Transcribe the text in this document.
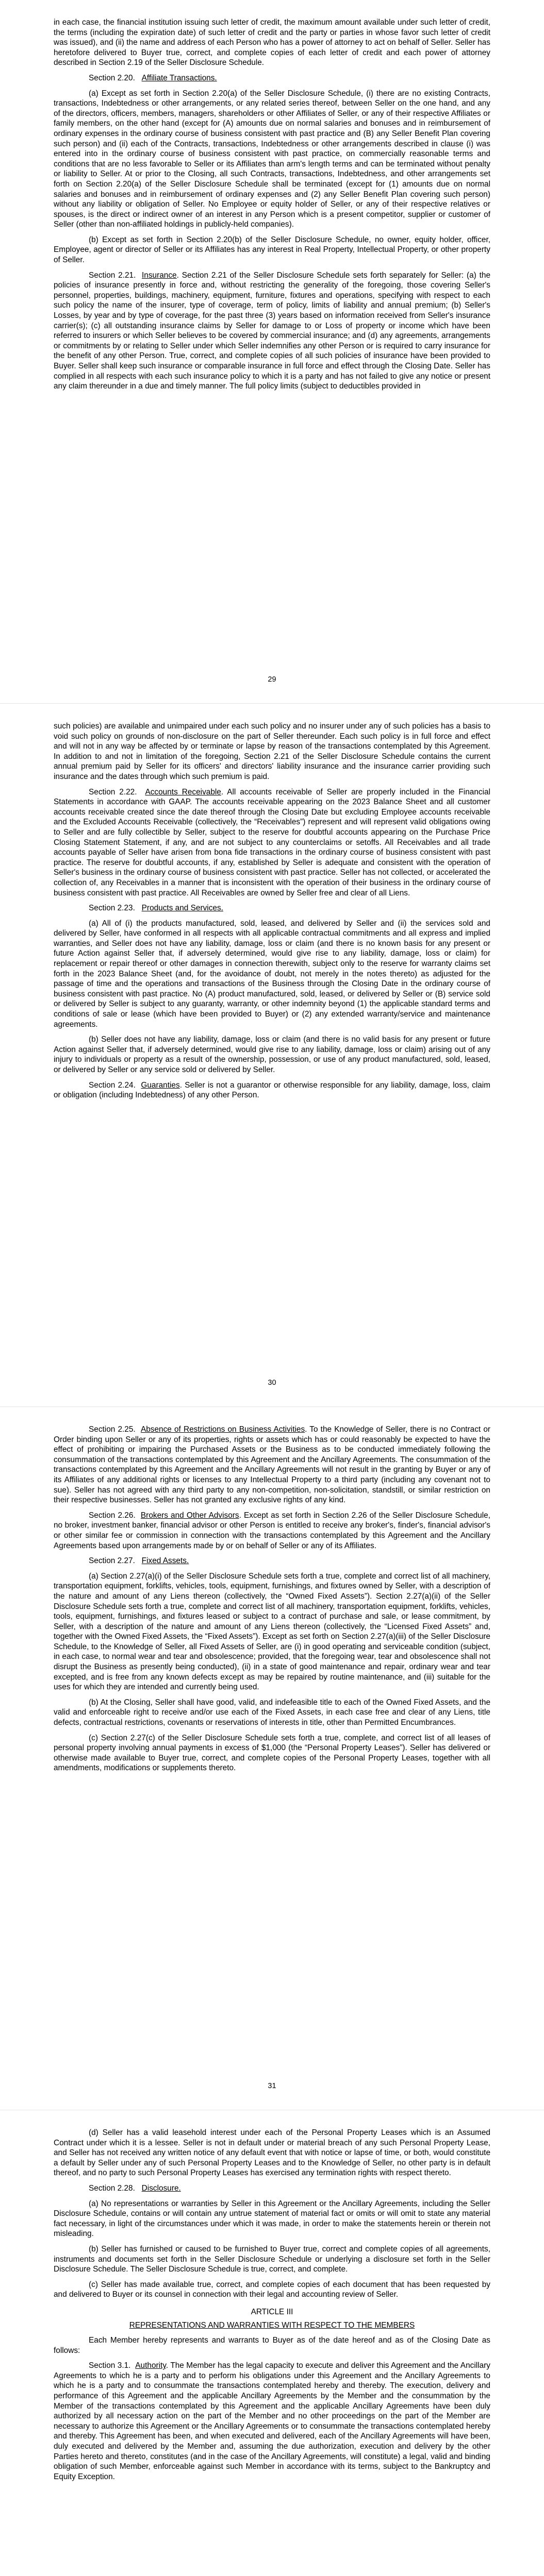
in each case, the financial institution issuing such letter of credit, the maximum amount available under such letter of credit, the terms (including the expiration date) of such letter of credit and the party or parties in whose favor such letter of credit was issued), and (ii) the name and address of each Person who has a power of attorney to act on behalf of Seller. Seller has heretofore delivered to Buyer true, correct, and complete copies of each letter of credit and each power of attorney described in Section 2.19 of the Seller Disclosure Schedule.

Section 2.20. Affiliate Transactions.

(a) Except as set forth in Section 2.20(a) of the Seller Disclosure Schedule, (i) there are no existing Contracts, transactions, Indebtedness or other arrangements, or any related series thereof, between Seller on the one hand, and any of the directors, officers, members, managers, shareholders or other Affiliates of Seller, or any of their respective Affiliates or family members, on the other hand (except for (A) amounts due on normal salaries and bonuses and in reimbursement of ordinary expenses in the ordinary course of business consistent with past practice and (B) any Seller Benefit Plan covering such person) and (ii) each of the Contracts, transactions, Indebtedness or other arrangements described in clause (i) was entered into in the ordinary course of business consistent with past practice, on commercially reasonable terms and conditions that are no less favorable to Seller or its Affiliates than arm's length terms and can be terminated without penalty or liability to Seller. At or prior to the Closing, all such Contracts, transactions, Indebtedness, and other arrangements set forth on Section 2.20(a) of the Seller Disclosure Schedule shall be terminated (except for (1) amounts due on normal salaries and bonuses and in reimbursement of ordinary expenses and (2) any Seller Benefit Plan covering such person) without any liability or obligation of Seller. No Employee or equity holder of Seller, or any of their respective relatives or spouses, is the direct or indirect owner of an interest in any Person which is a present competitor, supplier or customer of Seller (other than non-affiliated holdings in publicly-held companies).

(b) Except as set forth in Section 2.20(b) of the Seller Disclosure Schedule, no owner, equity holder, officer, Employee, agent or director of Seller or its Affiliates has any interest in Real Property, Intellectual Property, or other property of Seller.

Section 2.21. Insurance. Section 2.21 of the Seller Disclosure Schedule sets forth separately for Seller: (a) the policies of insurance presently in force and, without restricting the generality of the foregoing, those covering Seller's personnel, properties, buildings, machinery, equipment, furniture, fixtures and operations, specifying with respect to each such policy the name of the insurer, type of coverage, term of policy, limits of liability and annual premium; (b) Seller's Losses, by year and by type of coverage, for the past three (3) years based on information received from Seller's insurance carrier(s); (c) all outstanding insurance claims by Seller for damage to or Loss of property or income which have been referred to insurers or which Seller believes to be covered by commercial insurance; and (d) any agreements, arrangements or commitments by or relating to Seller under which Seller indemnifies any other Person or is required to carry insurance for the benefit of any other Person. True, correct, and complete copies of all such policies of insurance have been provided to Buyer. Seller shall keep such insurance or comparable insurance in full force and effect through the Closing Date. Seller has complied in all respects with each such insurance policy to which it is a party and has not failed to give any notice or present any claim thereunder in a due and timely manner. The full policy limits (subject to deductibles provided in

29

such policies) are available and unimpaired under each such policy and no insurer under any of such policies has a basis to void such policy on grounds of non-disclosure on the part of Seller thereunder. Each such policy is in full force and effect and will not in any way be affected by or terminate or lapse by reason of the transactions contemplated by this Agreement. In addition to and not in limitation of the foregoing, Section 2.21 of the Seller Disclosure Schedule contains the current annual premium paid by Seller for its officers' and directors' liability insurance and the insurance carrier providing such insurance and the dates through which such premium is paid.

Section 2.22. Accounts Receivable. All accounts receivable of Seller are properly included in the Financial Statements in accordance with GAAP. The accounts receivable appearing on the 2023 Balance Sheet and all customer accounts receivable created since the date thereof through the Closing Date but excluding Employee accounts receivable and the Excluded Accounts Receivable (collectively, the “Receivables”) represent and will represent valid obligations owing to Seller and are fully collectible by Seller, subject to the reserve for doubtful accounts appearing on the Purchase Price Closing Statement Statement, if any, and are not subject to any counterclaims or setoffs. All Receivables and all trade accounts payable of Seller have arisen from bona fide transactions in the ordinary course of business consistent with past practice. The reserve for doubtful accounts, if any, established by Seller is adequate and consistent with the operation of Seller's business in the ordinary course of business consistent with past practice. Seller has not collected, or accelerated the collection of, any Receivables in a manner that is inconsistent with the operation of their business in the ordinary course of business consistent with past practice. All Receivables are owned by Seller free and clear of all Liens.

Section 2.23. Products and Services.

(a) All of (i) the products manufactured, sold, leased, and delivered by Seller and (ii) the services sold and delivered by Seller, have conformed in all respects with all applicable contractual commitments and all express and implied warranties, and Seller does not have any liability, damage, loss or claim (and there is no known basis for any present or future Action against Seller that, if adversely determined, would give rise to any liability, damage, loss or claim) for replacement or repair thereof or other damages in connection therewith, subject only to the reserve for warranty claims set forth in the 2023 Balance Sheet (and, for the avoidance of doubt, not merely in the notes thereto) as adjusted for the passage of time and the operations and transactions of the Business through the Closing Date in the ordinary course of business consistent with past practice. No (A) product manufactured, sold, leased, or delivered by Seller or (B) service sold or delivered by Seller is subject to any guaranty, warranty, or other indemnity beyond (1) the applicable standard terms and conditions of sale or lease (which have been provided to Buyer) or (2) any extended warranty/service and maintenance agreements.

(b) Seller does not have any liability, damage, loss or claim (and there is no valid basis for any present or future Action against Seller that, if adversely determined, would give rise to any liability, damage, loss or claim) arising out of any injury to individuals or property as a result of the ownership, possession, or use of any product manufactured, sold, leased, or delivered by Seller or any service sold or delivered by Seller.

Section 2.24. Guaranties. Seller is not a guarantor or otherwise responsible for any liability, damage, loss, claim or obligation (including Indebtedness) of any other Person.

30

Section 2.25. Absence of Restrictions on Business Activities. To the Knowledge of Seller, there is no Contract or Order binding upon Seller or any of its properties, rights or assets which has or could reasonably be expected to have the effect of prohibiting or impairing the Purchased Assets or the Business as to be conducted immediately following the consummation of the transactions contemplated by this Agreement and the Ancillary Agreements. The consummation of the transactions contemplated by this Agreement and the Ancillary Agreements will not result in the granting by Buyer or any of its Affiliates of any additional rights or licenses to any Intellectual Property to a third party (including any covenant not to sue). Seller has not agreed with any third party to any non-competition, non-solicitation, standstill, or similar restriction on their respective businesses. Seller has not granted any exclusive rights of any kind.

Section 2.26. Brokers and Other Advisors. Except as set forth in Section 2.26 of the Seller Disclosure Schedule, no broker, investment banker, financial advisor or other Person is entitled to receive any broker's, finder's, financial advisor's or other similar fee or commission in connection with the transactions contemplated by this Agreement and the Ancillary Agreements based upon arrangements made by or on behalf of Seller or any of its Affiliates.

Section 2.27. Fixed Assets.

(a) Section 2.27(a)(i) of the Seller Disclosure Schedule sets forth a true, complete and correct list of all machinery, transportation equipment, forklifts, vehicles, tools, equipment, furnishings, and fixtures owned by Seller, with a description of the nature and amount of any Liens thereon (collectively, the “Owned Fixed Assets”). Section 2.27(a)(ii) of the Seller Disclosure Schedule sets forth a true, complete and correct list of all machinery, transportation equipment, forklifts, vehicles, tools, equipment, furnishings, and fixtures leased or subject to a contract of purchase and sale, or lease commitment, by Seller, with a description of the nature and amount of any Liens thereon (collectively, the “Licensed Fixed Assets” and, together with the Owned Fixed Assets, the “Fixed Assets”). Except as set forth on Section 2.27(a)(iii) of the Seller Disclosure Schedule, to the Knowledge of Seller, all Fixed Assets of Seller, are (i) in good operating and serviceable condition (subject, in each case, to normal wear and tear and obsolescence; provided, that the foregoing wear, tear and obsolescence shall not disrupt the Business as presently being conducted), (ii) in a state of good maintenance and repair, ordinary wear and tear excepted, and is free from any known defects except as may be repaired by routine maintenance, and (iii) suitable for the uses for which they are intended and currently being used.

(b) At the Closing, Seller shall have good, valid, and indefeasible title to each of the Owned Fixed Assets, and the valid and enforceable right to receive and/or use each of the Fixed Assets, in each case free and clear of any Liens, title defects, contractual restrictions, covenants or reservations of interests in title, other than Permitted Encumbrances.

(c) Section 2.27(c) of the Seller Disclosure Schedule sets forth a true, complete, and correct list of all leases of personal property involving annual payments in excess of $1,000 (the “Personal Property Leases”). Seller has delivered or otherwise made available to Buyer true, correct, and complete copies of the Personal Property Leases, together with all amendments, modifications or supplements thereto.

31

(d) Seller has a valid leasehold interest under each of the Personal Property Leases which is an Assumed Contract under which it is a lessee. Seller is not in default under or material breach of any such Personal Property Lease, and Seller has not received any written notice of any default event that with notice or lapse of time, or both, would constitute a default by Seller under any of such Personal Property Leases and to the Knowledge of Seller, no other party is in default thereof, and no party to such Personal Property Leases has exercised any termination rights with respect thereto.

Section 2.28. Disclosure.

(a) No representations or warranties by Seller in this Agreement or the Ancillary Agreements, including the Seller Disclosure Schedule, contains or will contain any untrue statement of material fact or omits or will omit to state any material fact necessary, in light of the circumstances under which it was made, in order to make the statements herein or therein not misleading.

(b) Seller has furnished or caused to be furnished to Buyer true, correct and complete copies of all agreements, instruments and documents set forth in the Seller Disclosure Schedule or underlying a disclosure set forth in the Seller Disclosure Schedule. The Seller Disclosure Schedule is true, correct, and complete.

(c) Seller has made available true, correct, and complete copies of each document that has been requested by and delivered to Buyer or its counsel in connection with their legal and accounting review of Seller.

ARTICLE III

REPRESENTATIONS AND WARRANTIES WITH RESPECT TO THE MEMBERS

Each Member hereby represents and warrants to Buyer as of the date hereof and as of the Closing Date as follows:

Section 3.1. Authority. The Member has the legal capacity to execute and deliver this Agreement and the Ancillary Agreements to which he is a party and to perform his obligations under this Agreement and the Ancillary Agreements to which he is a party and to consummate the transactions contemplated hereby and thereby. The execution, delivery and performance of this Agreement and the applicable Ancillary Agreements by the Member and the consummation by the Member of the transactions contemplated by this Agreement and the applicable Ancillary Agreements have been duly authorized by all necessary action on the part of the Member and no other proceedings on the part of the Member are necessary to authorize this Agreement or the Ancillary Agreements or to consummate the transactions contemplated hereby and thereby. This Agreement has been, and when executed and delivered, each of the Ancillary Agreements will have been, duly executed and delivered by the Member and, assuming the due authorization, execution and delivery by the other Parties hereto and thereto, constitutes (and in the case of the Ancillary Agreements, will constitute) a legal, valid and binding obligation of such Member, enforceable against such Member in accordance with its terms, subject to the Bankruptcy and Equity Exception.
